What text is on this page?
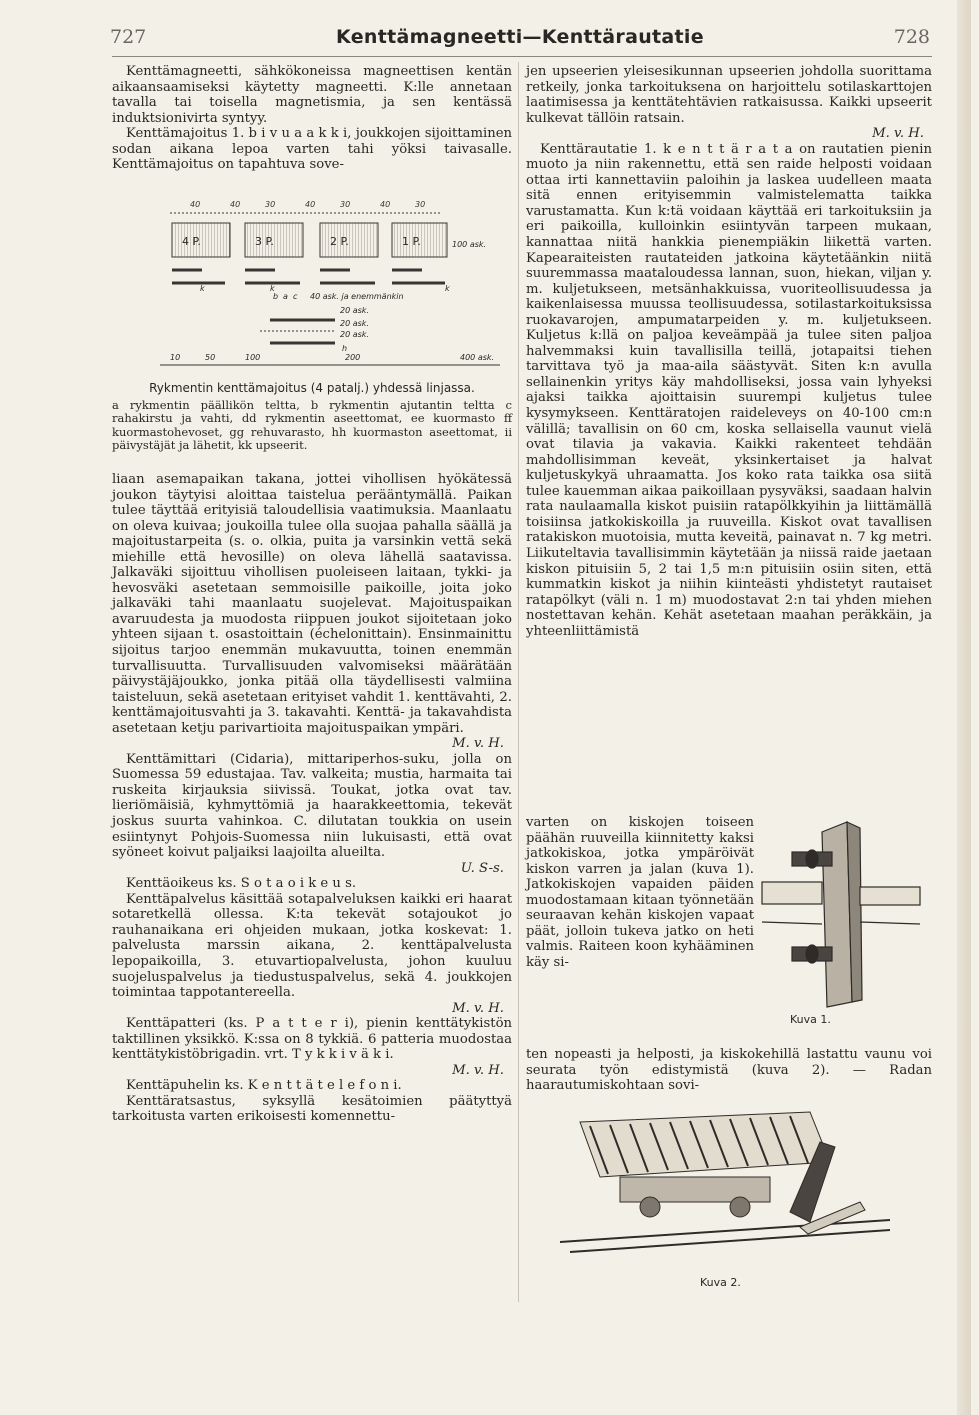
727	Kenttämagneetti—Kenttärautatie	728

Kenttämagneetti, sähkökoneissa magneettisen kentän aikaansaamiseksi käytetty magneetti. K:lle annetaan tavalla tai toisella magnetismia, ja sen kentässä induktsionivirta syntyy.

Kenttämajoitus 1. b i v u a a k k i, joukkojen sijoittaminen sodan aikana lepoa varten tahi yöksi taivasalle. Kenttämajoitus on tapahtuva sove-

40	40	30	40	30	40	30
4 P.	3 P.	2 P.	1 P.	100 ask.
40 ask. ja enemmänkin
20 ask.
20 ask.
20 ask.
h
b a c
k	k	k
10	50	100	200	400 ask.
Rykmentin kenttämajoitus (4 patalj.) yhdessä linjassa.
a rykmentin päällikön teltta, b rykmentin ajutantin teltta c rahakirstu ja vahti, dd rykmentin aseettomat, ee kuormasto ff kuormastohevoset, gg rehuvarasto, hh kuormaston aseettomat, ii päivystäjät ja lähetit, kk upseerit.

liaan asemapaikan takana, jottei vihollisen hyökätessä joukon täytyisi aloittaa taistelua perääntymällä. Paikan tulee täyttää erityisiä taloudellisia vaatimuksia. Maanlaatu on oleva kuivaa; joukoilla tulee olla suojaa pahalla säällä ja majoitustarpeita (s. o. olkia, puita ja varsinkin vettä sekä miehille että hevosille) on oleva lähellä saatavissa. Jalkaväki sijoittuu vihollisen puoleiseen laitaan, tykki- ja hevosväki asetetaan semmoisille paikoille, joita joko jalkaväki tahi maanlaatu suojelevat. Majoituspaikan avaruudesta ja muodosta riippuen joukot sijoitetaan joko yhteen sijaan t. osastoittain (échelonittain). Ensinmainittu sijoitus tarjoo enemmän mukavuutta, toinen enemmän turvallisuutta. Turvallisuuden valvomiseksi määrätään päivystäjäjoukko, jonka pitää olla täydellisesti valmiina taisteluun, sekä asetetaan erityiset vahdit 1. kenttävahti, 2. kenttämajoitusvahti ja 3. takavahti. Kenttä- ja takavahdista asetetaan ketju parivartioita majoituspaikan ympäri.

M. v. H.

Kenttämittari (Cidaria), mittariperhos-suku, jolla on Suomessa 59 edustajaa. Tav. valkeita; mustia, harmaita tai ruskeita kirjauksia siivissä. Toukat, jotka ovat tav. lieriömäisiä, kyhmyttömiä ja haarakkeettomia, tekevät joskus suurta vahinkoa. C. dilutatan toukkia on usein esiintynyt Pohjois-Suomessa niin lukuisasti, että ovat syöneet koivut paljaiksi laajoilta alueilta.

U. S-s.

Kenttäoikeus ks. S o t a o i k e u s.

Kenttäpalvelus käsittää sotapalveluksen kaikki eri haarat sotaretkellä ollessa. K:ta tekevät sotajoukot jo rauhanaikana eri ohjeiden mukaan, jotka koskevat: 1. palvelusta marssin aikana, 2. kenttäpalvelusta lepopaikoilla, 3. etuvartiopalvelusta, johon kuuluu suojeluspalvelus ja tiedustuspalvelus, sekä 4. joukkojen toimintaa tappotantereella.

M. v. H.

Kenttäpatteri (ks. P a t t e r i), pienin kenttätykistön taktillinen yksikkö. K:ssa on 8 tykkiä. 6 patteria muodostaa kenttätykistöbrigadin. vrt. T y k k i v ä k i.

M. v. H.

Kenttäpuhelin ks. K e n t t ä t e l e f o n i.

Kenttäratsastus, syksyllä kesätoimien päätyttyä tarkoitusta varten erikoisesti komennettu-

jen upseerien yleisesikunnan upseerien johdolla suorittama retkeily, jonka tarkoituksena on harjoittelu sotilaskarttojen laatimisessa ja kenttätehtävien ratkaisussa. Kaikki upseerit kulkevat tällöin ratsain.

M. v. H.

Kenttärautatie 1. k e n t t ä r a t a on rautatien pienin muoto ja niin rakennettu, että sen raide helposti voidaan ottaa irti kannettaviin paloihin ja laskea uudelleen maata sitä ennen erityisemmin valmistelematta taikka varustamatta. Kun k:tä voidaan käyttää eri tarkoituksiin ja eri paikoilla, kulloinkin esiintyvän tarpeen mukaan, kannattaa niitä hankkia pienempiäkin liikettä varten. Kapearaiteisten rautateiden jatkoina käytetäänkin niitä suuremmassa maataloudessa lannan, suon, hiekan, viljan y. m. kuljetukseen, metsänhakkuissa, vuoriteollisuudessa ja kaikenlaisessa muussa teollisuudessa, sotilastarkoituksissa ruokavarojen, ampumatarpeiden y. m. kuljetukseen. Kuljetus k:llä on paljoa keveämpää ja tulee siten paljoa halvemmaksi kuin tavallisilla teillä, jotapaitsi tiehen tarvittava työ ja maa-aila säästyvät. Siten k:n avulla sellainenkin yritys käy mahdolliseksi, jossa vain lyhyeksi ajaksi taikka ajoittaisin suurempi kuljetus tulee kysymykseen. Kenttäratojen raideleveys on 40-100 cm:n välillä; tavallisin on 60 cm, koska sellaisella vaunut vielä ovat tilavia ja vakavia. Kaikki rakenteet tehdään mahdollisimman keveät, yksinkertaiset ja halvat kuljetuskykyä uhraamatta. Jos koko rata taikka osa siitä tulee kauemman aikaa paikoillaan pysyväksi, saadaan halvin rata naulaamalla kiskot puisiin ratapölkkyihin ja liittämällä toisiinsa jatkokiskoilla ja ruuveilla. Kiskot ovat tavallisen ratakiskon muotoisia, mutta keveitä, painavat n. 7 kg metri. Liikuteltavia tavallisimmin käytetään ja niissä raide jaetaan kiskon pituisiin 5, 2 tai 1,5 m:n pituisiin osiin siten, että kummatkin kiskot ja niihin kiinteästi yhdistetyt rautaiset ratapölkyt (väli n. 1 m) muodostavat 2:n tai yhden miehen nostettavan kehän. Kehät asetetaan maahan peräkkäin, ja yhteenliittämistä

varten on kiskojen toiseen päähän ruuveilla kiinnitetty kaksi jatkokiskoa, jotka ympäröivät kiskon varren ja jalan (kuva 1). Jatkokiskojen vapaiden päiden muodostamaan kitaan työnnetään seuraavan kehän kiskojen vapaat päät, jolloin tukeva jatko on heti valmis. Raiteen koon kyhääminen käy si-

Kuva 1.

ten nopeasti ja helposti, ja kiskokehillä lastattu vaunu voi seurata työn edistymistä (kuva 2). — Radan haarautumiskohtaan sovi-

Kuva 2.
